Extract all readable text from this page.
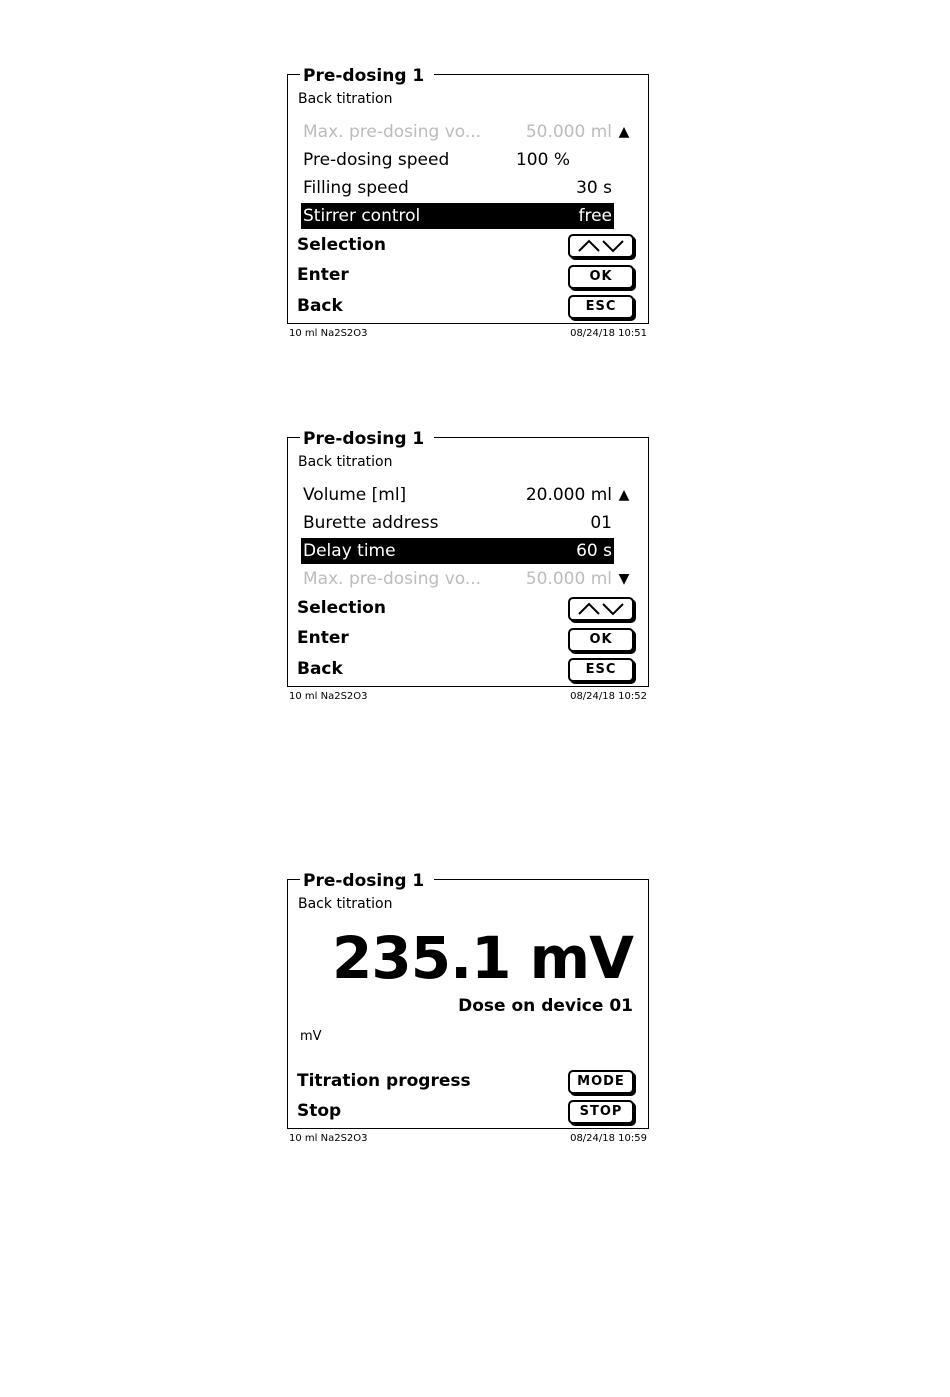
Pre-dosing 1
Back titration
Max. pre-dosing vo...	50.000 ml ▲
Pre-dosing speed	100 %
Filling speed	30 s
Stirrer control	free
Selection
Enter	OK
Back	ESC
10 ml Na2S2O3	08/24/18 10:51
Pre-dosing 1
Back titration
Volume [ml]	20.000 ml ▲
Burette address	01
Delay time	60 s
Max. pre-dosing vo...	50.000 ml ▼
Selection
Enter	OK
Back	ESC
10 ml Na2S2O3	08/24/18 10:52
Pre-dosing 1
Back titration
235.1 mV
Dose on device 01
mV
Titration progress	MODE
Stop	STOP
10 ml Na2S2O3	08/24/18 10:59
